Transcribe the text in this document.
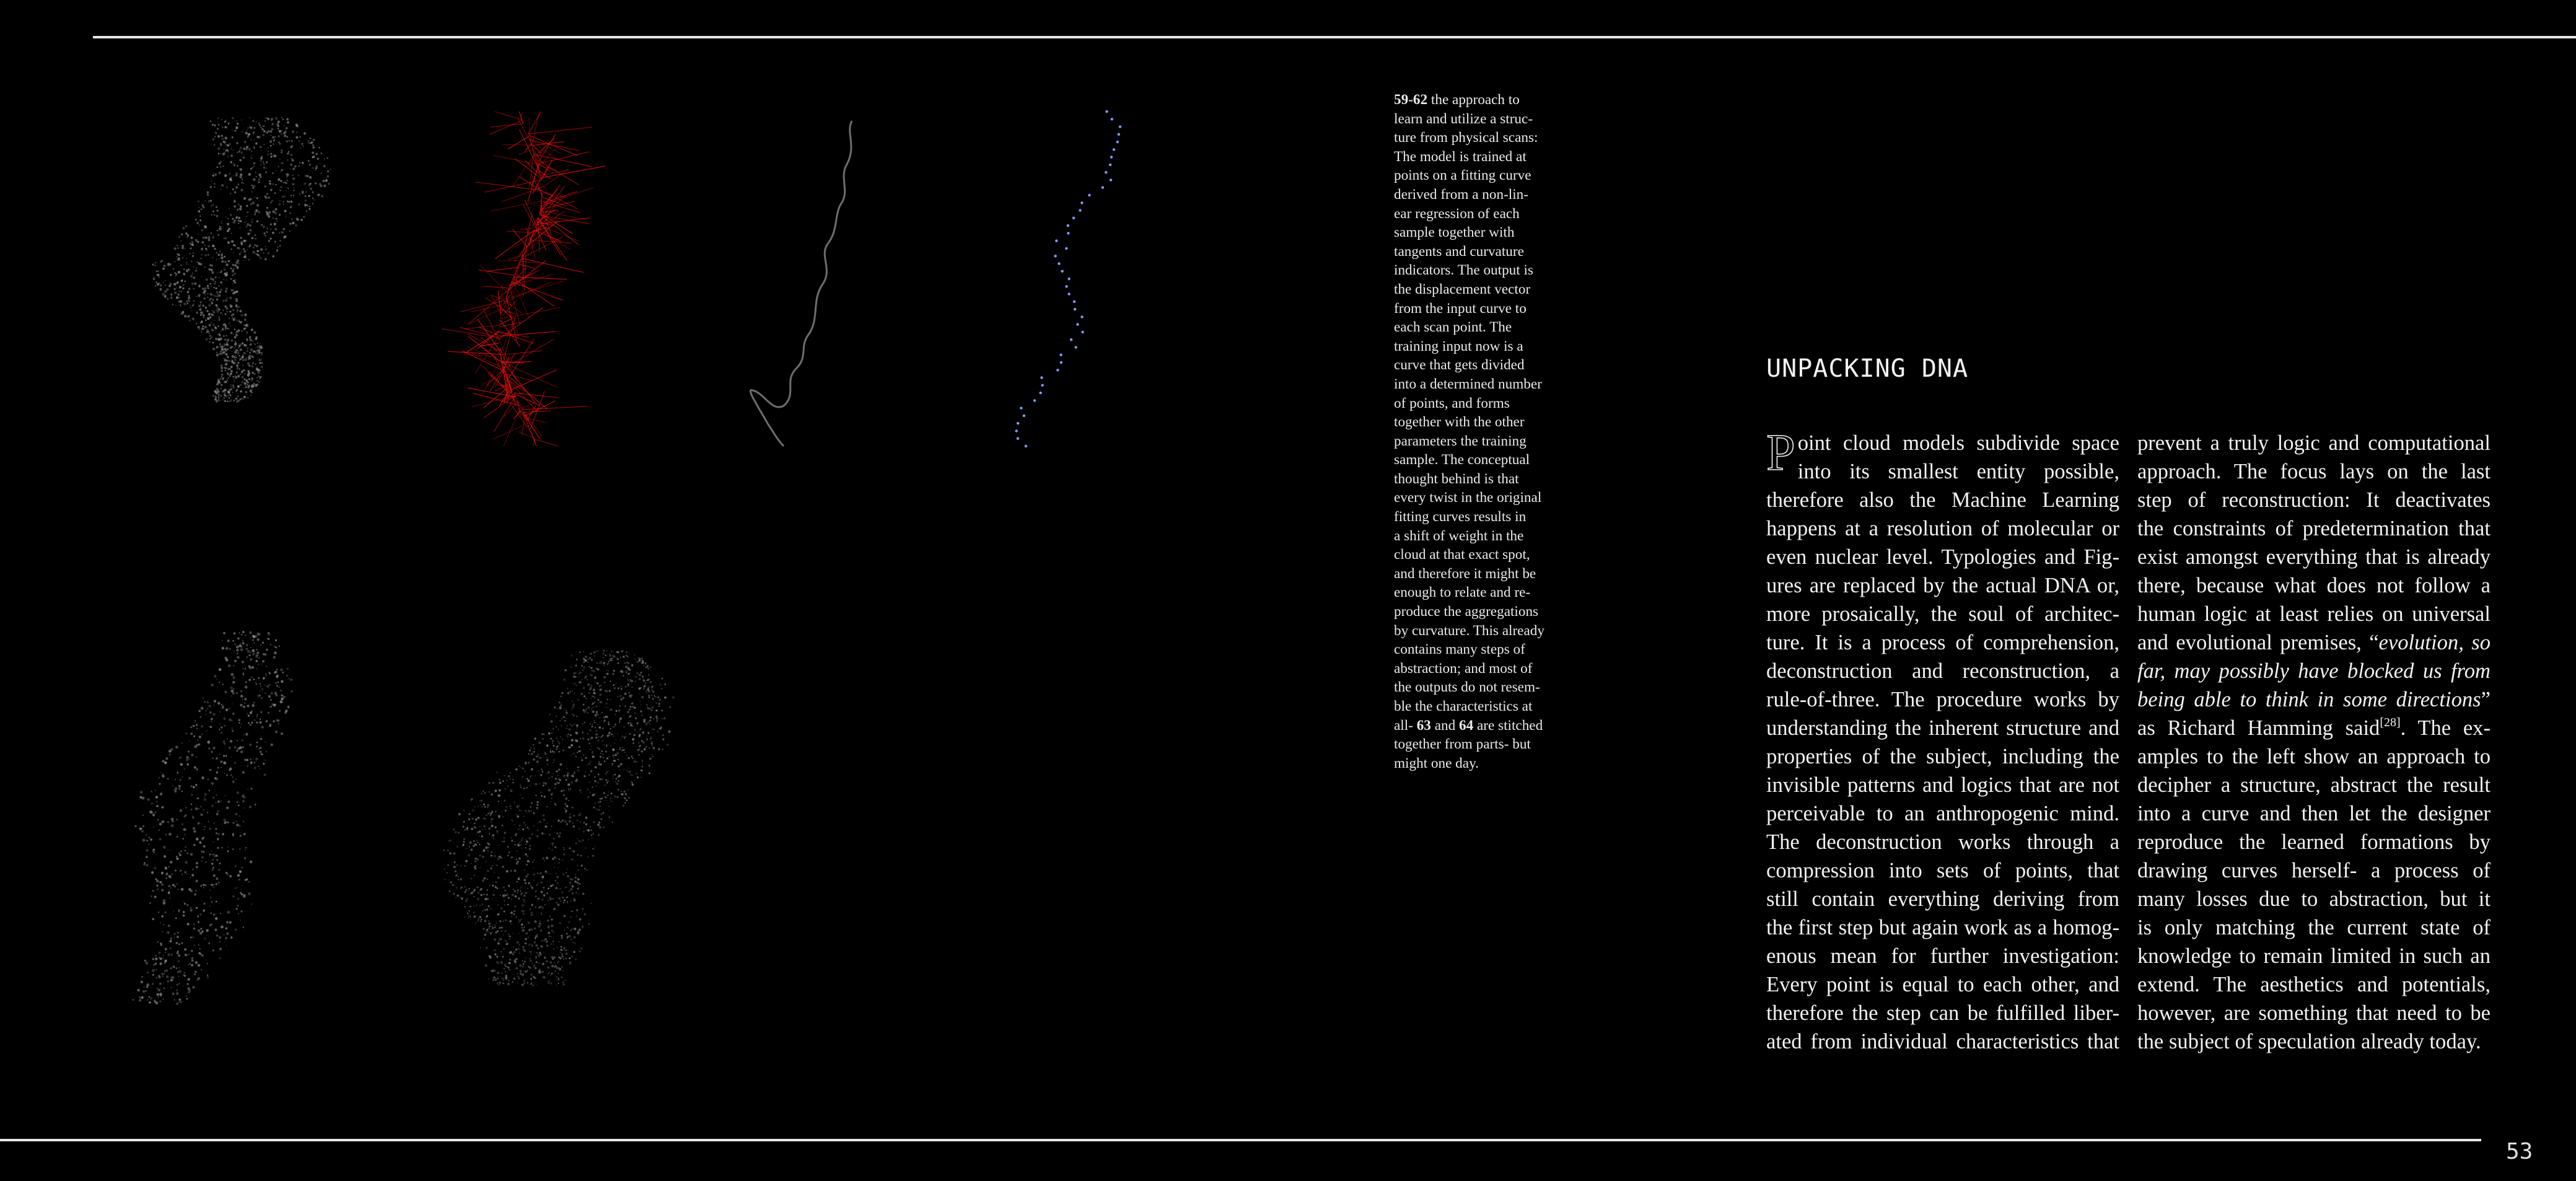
53
59-62 the approach to
learn and utilize a struc-
ture from physical scans:
The model is trained at
points on a fitting curve
derived from a non-lin-
ear regression of each
sample together with
tangents and curvature
indicators. The output is
the displacement vector
from the input curve to
each scan point. The
training input now is a
curve that gets divided
into a determined number
of points, and forms
together with the other
parameters the training
sample. The conceptual
thought behind is that
every twist in the original
fitting curves results in
a shift of weight in the
cloud at that exact spot,
and therefore it might be
enough to relate and re-
produce the aggregations
by curvature. This already
contains many steps of
abstraction; and most of
the outputs do not resem-
ble the characteristics at
all- 63 and 64 are stitched
together from parts- but
might one day.
UNPACKING DNA
P oint cloud models subdivide space
into its smallest entity possible,
therefore also the Machine Learning
happens at a resolution of molecular or
even nuclear level. Typologies and Fig-
ures are replaced by the actual DNA or,
more prosaically, the soul of architec-
ture. It is a process of comprehension,
deconstruction and reconstruction, a
rule-of-three. The procedure works by
understanding the inherent structure and
properties of the subject, including the
invisible patterns and logics that are not
perceivable to an anthropogenic mind.
The deconstruction works through a
compression into sets of points, that
still contain everything deriving from
the first step but again work as a homog-
enous mean for further investigation:
Every point is equal to each other, and
therefore the step can be fulfilled liber-
ated from individual characteristics that
prevent a truly logic and computational
approach. The focus lays on the last
step of reconstruction: It deactivates
the constraints of predetermination that
exist amongst everything that is already
there, because what does not follow a
human logic at least relies on universal
and evolutional premises, “evolution, so
far, may possibly have blocked us from
being able to think in some directions”
as Richard Hamming said[28]. The ex-
amples to the left show an approach to
decipher a structure, abstract the result
into a curve and then let the designer
reproduce the learned formations by
drawing curves herself- a process of
many losses due to abstraction, but it
is only matching the current state of
knowledge to remain limited in such an
extend. The aesthetics and potentials,
however, are something that need to be
the subject of speculation already today.
